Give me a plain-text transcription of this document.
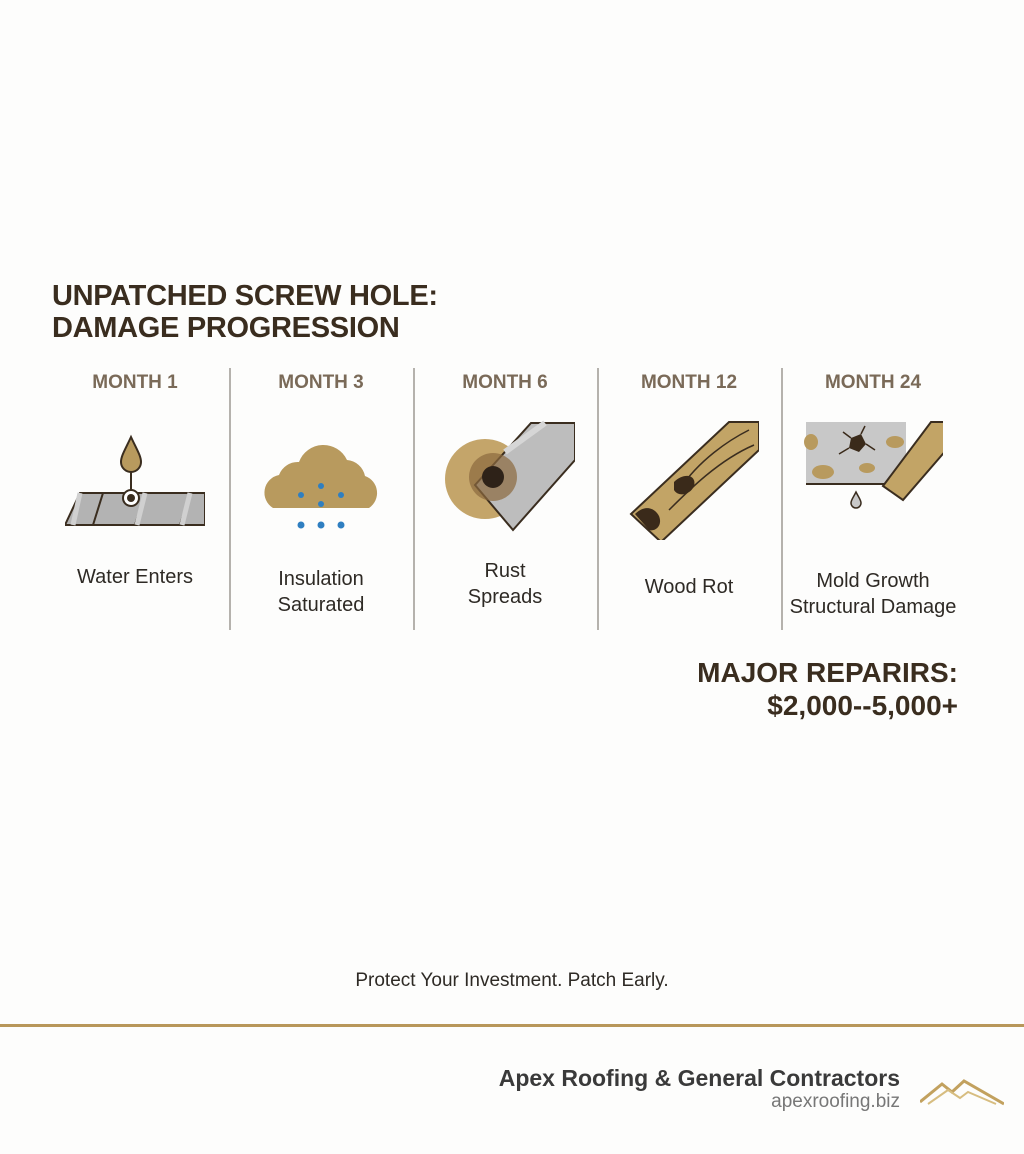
UNPATCHED SCREW HOLE:
DAMAGE PROGRESSION
MONTH 1
Water Enters
MONTH 3
Insulation
Saturated
MONTH 6
Rust
Spreads
MONTH 12
Wood Rot
MONTH 24
Mold Growth
Structural Damage
MAJOR REPARIRS:
$2,000--5,000+
Protect Your Investment. Patch Early.
Apex Roofing & General Contractors
apexroofing.biz
